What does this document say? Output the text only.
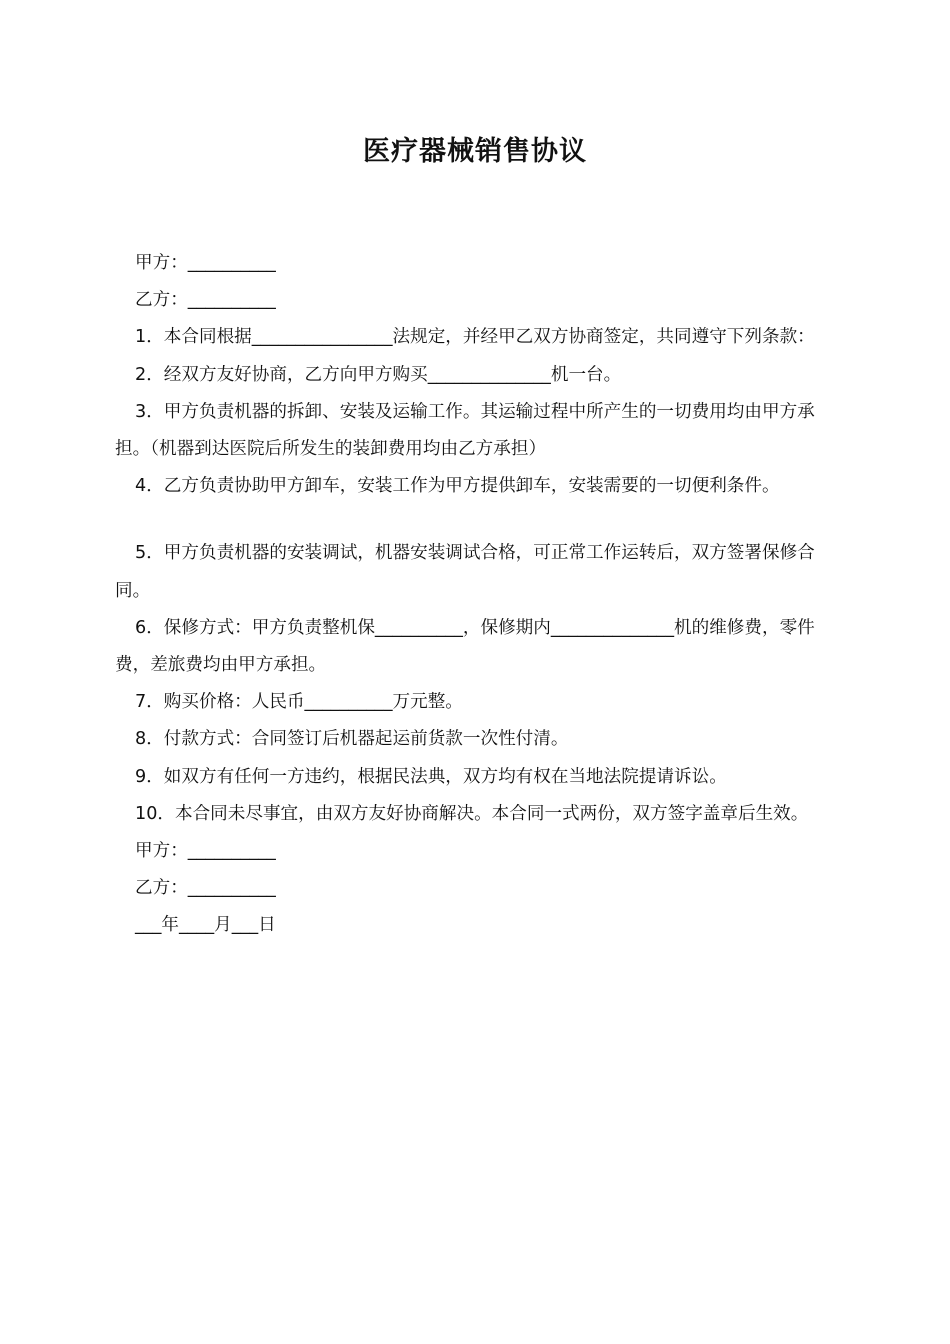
医疗器械销售协议

甲方：__________

乙方：__________

1．本合同根据________________法规定，并经甲乙双方协商签定，共同遵守下列条款：

2．经双方友好协商，乙方向甲方购买______________机一台。

3．甲方负责机器的拆卸、安装及运输工作。其运输过程中所产生的一切费用均由甲方承担。（机器到达医院后所发生的装卸费用均由乙方承担）

4．乙方负责协助甲方卸车，安装工作为甲方提供卸车，安装需要的一切便利条件。

5．甲方负责机器的安装调试，机器安装调试合格，可正常工作运转后，双方签署保修合同。

6．保修方式：甲方负责整机保__________，保修期内______________机的维修费，零件费，差旅费均由甲方承担。

7．购买价格：人民币__________万元整。

8．付款方式：合同签订后机器起运前货款一次性付清。

9．如双方有任何一方违约，根据民法典，双方均有权在当地法院提请诉讼。

10．本合同未尽事宜，由双方友好协商解决。本合同一式两份，双方签字盖章后生效。

甲方：__________

乙方：__________

___年____月___日
